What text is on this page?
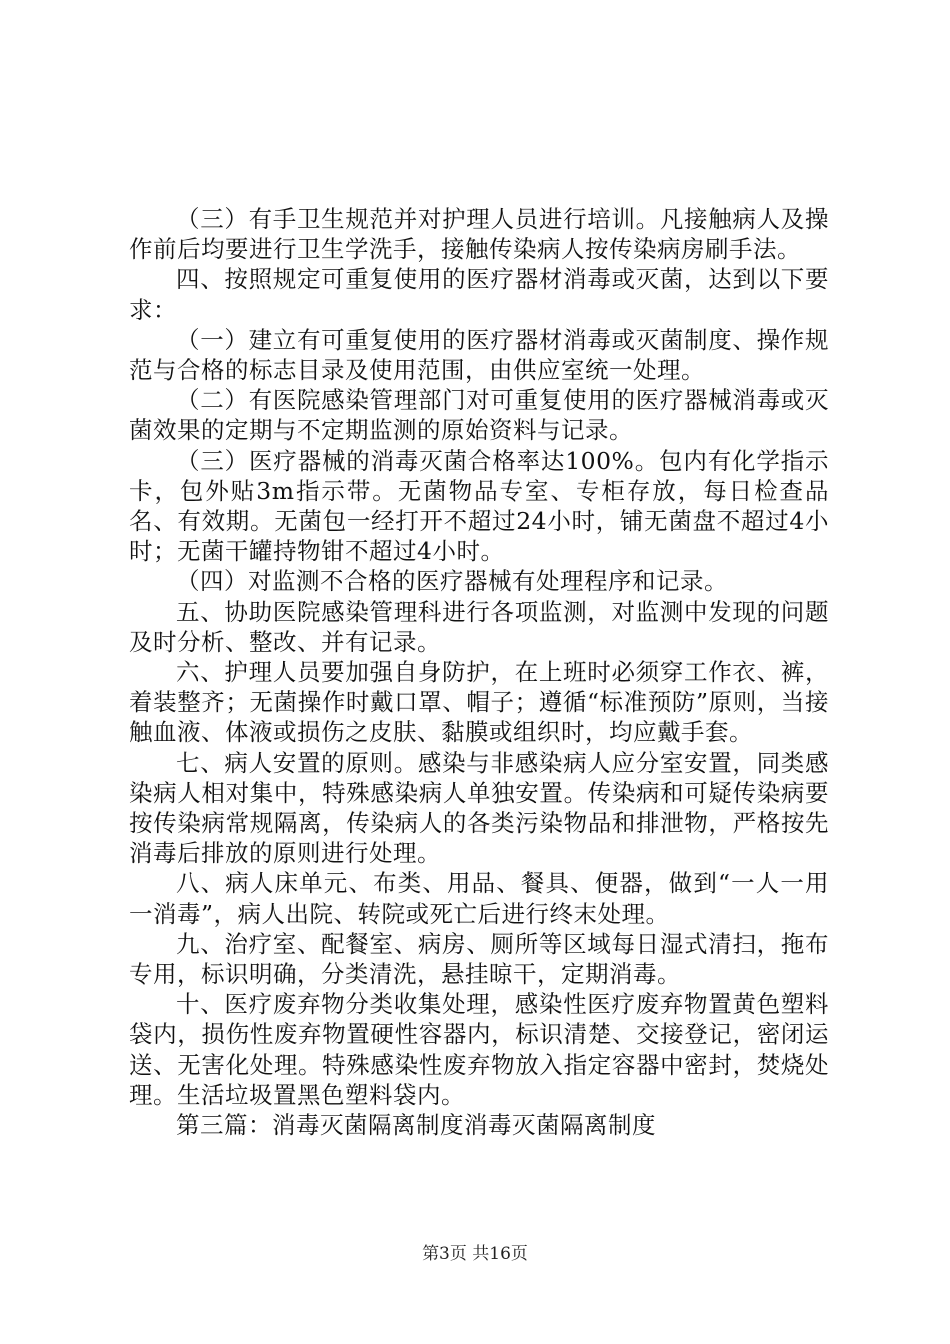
（三）有手卫生规范并对护理人员进行培训。凡接触病人及操作前后均要进行卫生学洗手，接触传染病人按传染病房刷手法。

四、按照规定可重复使用的医疗器材消毒或灭菌，达到以下要求：

（一）建立有可重复使用的医疗器材消毒或灭菌制度、操作规范与合格的标志目录及使用范围，由供应室统一处理。

（二）有医院感染管理部门对可重复使用的医疗器械消毒或灭菌效果的定期与不定期监测的原始资料与记录。

（三）医疗器械的消毒灭菌合格率达100%。包内有化学指示卡，包外贴3m指示带。无菌物品专室、专柜存放，每日检查品名、有效期。无菌包一经打开不超过24小时，铺无菌盘不超过4小时；无菌干罐持物钳不超过4小时。

（四）对监测不合格的医疗器械有处理程序和记录。

五、协助医院感染管理科进行各项监测，对监测中发现的问题及时分析、整改、并有记录。

六、护理人员要加强自身防护，在上班时必须穿工作衣、裤，着装整齐；无菌操作时戴口罩、帽子；遵循“标准预防”原则，当接触血液、体液或损伤之皮肤、黏膜或组织时，均应戴手套。

七、病人安置的原则。感染与非感染病人应分室安置，同类感染病人相对集中，特殊感染病人单独安置。传染病和可疑传染病要按传染病常规隔离，传染病人的各类污染物品和排泄物，严格按先消毒后排放的原则进行处理。

八、病人床单元、布类、用品、餐具、便器，做到“一人一用一消毒”，病人出院、转院或死亡后进行终末处理。

九、治疗室、配餐室、病房、厕所等区域每日湿式清扫，拖布专用，标识明确，分类清洗，悬挂晾干，定期消毒。

十、医疗废弃物分类收集处理，感染性医疗废弃物置黄色塑料袋内，损伤性废弃物置硬性容器内，标识清楚、交接登记，密闭运送、无害化处理。特殊感染性废弃物放入指定容器中密封，焚烧处理。生活垃圾置黑色塑料袋内。

第三篇：消毒灭菌隔离制度消毒灭菌隔离制度

第3页 共16页
